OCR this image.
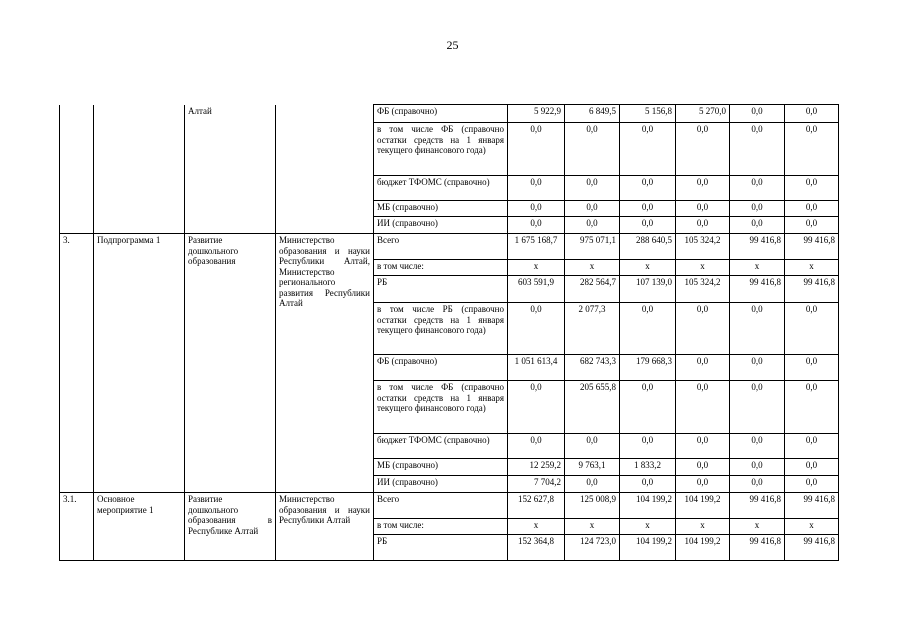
25
		Алтай		ФБ (справочно)	5 922,9	6 849,5	5 156,8	5 270,0	0,0	0,0
				в том числе ФБ (справочно остатки средств на 1 января текущего финансового года)	0,0	0,0	0,0	0,0	0,0	0,0
				бюджет ТФОМС (справочно)	0,0	0,0	0,0	0,0	0,0	0,0
				МБ (справочно)	0,0	0,0	0,0	0,0	0,0	0,0
				ИИ (справочно)	0,0	0,0	0,0	0,0	0,0	0,0
3.	Подпрограмма 1	Развитие дошкольного образования	Министерство образования и науки Республики Алтай, Министерство регионального развития Республики Алтай	Всего	1 675 168,7	975 071,1	288 640,5	105 324,2	99 416,8	99 416,8
				в том числе:	x	x	x	x	x	x
				РБ	603 591,9	282 564,7	107 139,0	105 324,2	99 416,8	99 416,8
				в том числе РБ (справочно остатки средств на 1 января текущего финансового года)	0,0	2 077,3	0,0	0,0	0,0	0,0
				ФБ (справочно)	1 051 613,4	682 743,3	179 668,3	0,0	0,0	0,0
				в том числе ФБ (справочно остатки средств на 1 января текущего финансового года)	0,0	205 655,8	0,0	0,0	0,0	0,0
				бюджет ТФОМС (справочно)	0,0	0,0	0,0	0,0	0,0	0,0
				МБ (справочно)	12 259,2	9 763,1	1 833,2	0,0	0,0	0,0
				ИИ (справочно)	7 704,2	0,0	0,0	0,0	0,0	0,0
3.1.	Основное мероприятие 1	Развитие дошкольного образования в Республике Алтай	Министерство образования и науки Республики Алтай	Всего	152 627,8	125 008,9	104 199,2	104 199,2	99 416,8	99 416,8
				в том числе:	x	x	x	x	x	x
				РБ	152 364,8	124 723,0	104 199,2	104 199,2	99 416,8	99 416,8
